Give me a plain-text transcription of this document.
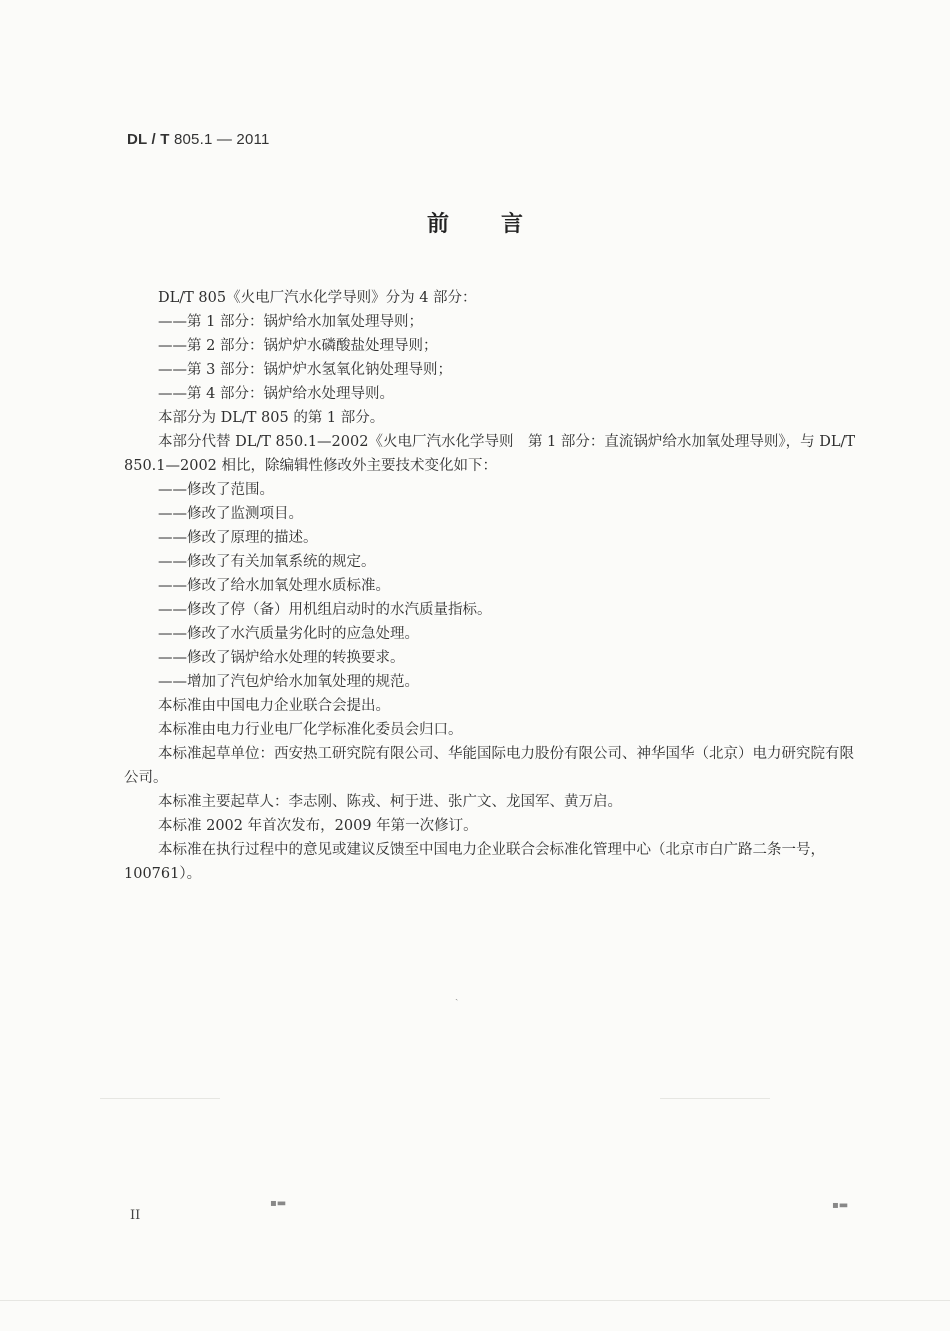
DL / T 805.1 — 2011
前 言

DL/T 805《火电厂汽水化学导则》分为 4 部分：

——第 1 部分：锅炉给水加氧处理导则；

——第 2 部分：锅炉炉水磷酸盐处理导则；

——第 3 部分：锅炉炉水氢氧化钠处理导则；

——第 4 部分：锅炉给水处理导则。

本部分为 DL/T 805 的第 1 部分。

本部分代替 DL/T 850.1—2002《火电厂汽水化学导则　第 1 部分：直流锅炉给水加氧处理导则》，与 DL/T 850.1—2002 相比，除编辑性修改外主要技术变化如下：

——修改了范围。

——修改了监测项目。

——修改了原理的描述。

——修改了有关加氧系统的规定。

——修改了给水加氧处理水质标准。

——修改了停（备）用机组启动时的水汽质量指标。

——修改了水汽质量劣化时的应急处理。

——修改了锅炉给水处理的转换要求。

——增加了汽包炉给水加氧处理的规范。

本标准由中国电力企业联合会提出。

本标准由电力行业电厂化学标准化委员会归口。

本标准起草单位：西安热工研究院有限公司、华能国际电力股份有限公司、神华国华（北京）电力研究院有限公司。

本标准主要起草人：李志刚、陈戎、柯于进、张广文、龙国军、黄万启。

本标准 2002 年首次发布，2009 年第一次修订。

本标准在执行过程中的意见或建议反馈至中国电力企业联合会标准化管理中心（北京市白广路二条一号，100761）。

II
▪▬	▪▬
ˏ
